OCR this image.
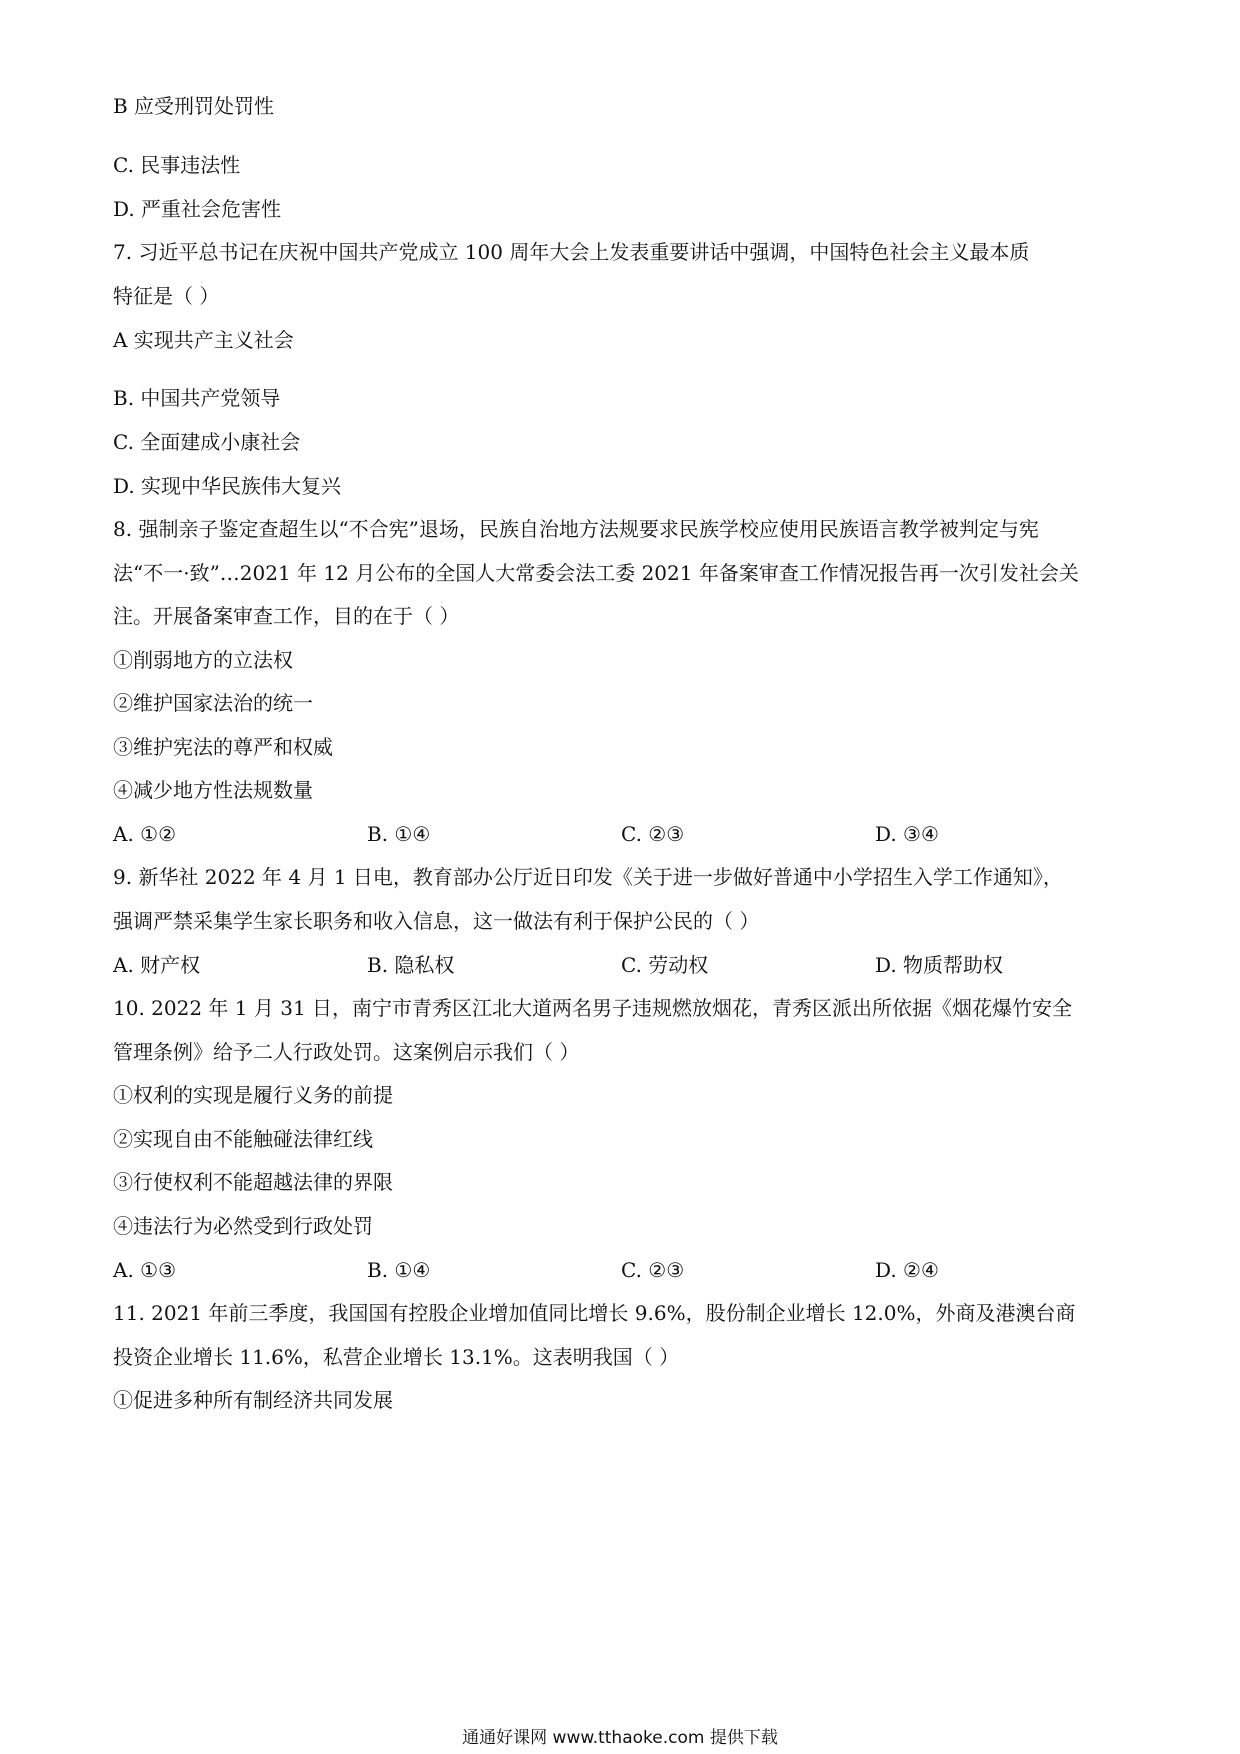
B 应受刑罚处罚性
C. 民事违法性
D. 严重社会危害性
7. 习近平总书记在庆祝中国共产党成立 100 周年大会上发表重要讲话中强调，中国特色社会主义最本质
特征是（ ）
A 实现共产主义社会
B. 中国共产党领导
C. 全面建成小康社会
D. 实现中华民族伟大复兴
8. 强制亲子鉴定查超生以“不合宪”退场，民族自治地方法规要求民族学校应使用民族语言教学被判定与宪
法“不一·致”…2021 年 12 月公布的全国人大常委会法工委 2021 年备案审查工作情况报告再一次引发社会关
注。开展备案审查工作，目的在于（ ）
①削弱地方的立法权
②维护国家法治的统一
③维护宪法的尊严和权威
④减少地方性法规数量
A. ①②	B. ①④	C. ②③	D. ③④
9. 新华社 2022 年 4 月 1 日电，教育部办公厅近日印发《关于进一步做好普通中小学招生入学工作通知》，
强调严禁采集学生家长职务和收入信息，这一做法有利于保护公民的（ ）
A. 财产权	B. 隐私权	C. 劳动权	D. 物质帮助权
10. 2022 年 1 月 31 日，南宁市青秀区江北大道两名男子违规燃放烟花，青秀区派出所依据《烟花爆竹安全
管理条例》给予二人行政处罚。这案例启示我们（ ）
①权利的实现是履行义务的前提
②实现自由不能触碰法律红线
③行使权利不能超越法律的界限
④违法行为必然受到行政处罚
A. ①③	B. ①④	C. ②③	D. ②④
11. 2021 年前三季度，我国国有控股企业增加值同比增长 9.6%，股份制企业增长 12.0%，外商及港澳台商
投资企业增长 11.6%，私营企业增长 13.1%。这表明我国（ ）
①促进多种所有制经济共同发展
通通好课网 www.tthaoke.com 提供下载
